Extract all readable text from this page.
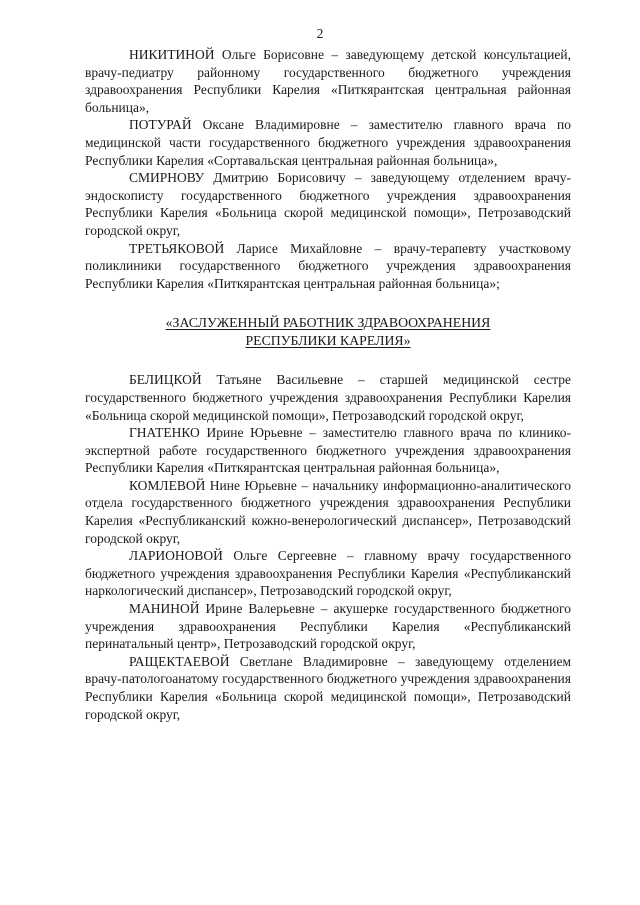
2

НИКИТИНОЙ Ольге Борисовне – заведующему детской консультацией, врачу-педиатру районному государственного бюджетного учреждения здравоохранения Республики Карелия «Питкярантская центральная районная больница»,

ПОТУРАЙ Оксане Владимировне – заместителю главного врача по медицинской части государственного бюджетного учреждения здравоохранения Республики Карелия «Сортавальская центральная районная больница»,

СМИРНОВУ Дмитрию Борисовичу – заведующему отделением врачу-эндоскописту государственного бюджетного учреждения здравоохранения Республики Карелия «Больница скорой медицинской помощи», Петрозаводский городской округ,

ТРЕТЬЯКОВОЙ Ларисе Михайловне – врачу-терапевту участковому поликлиники государственного бюджетного учреждения здравоохранения Республики Карелия «Питкярантская центральная районная больница»;

«ЗАСЛУЖЕННЫЙ РАБОТНИК ЗДРАВООХРАНЕНИЯ
РЕСПУБЛИКИ КАРЕЛИЯ»

БЕЛИЦКОЙ Татьяне Васильевне – старшей медицинской сестре государственного бюджетного учреждения здравоохранения Республики Карелия «Больница скорой медицинской помощи», Петрозаводский городской округ,

ГНАТЕНКО Ирине Юрьевне – заместителю главного врача по клинико-экспертной работе государственного бюджетного учреждения здравоохранения Республики Карелия «Питкярантская центральная районная больница»,

КОМЛЕВОЙ Нине Юрьевне – начальнику информационно-аналитического отдела государственного бюджетного учреждения здравоохранения Республики Карелия «Республиканский кожно-венерологический диспансер», Петрозаводский городской округ,

ЛАРИОНОВОЙ Ольге Сергеевне – главному врачу государственного бюджетного учреждения здравоохранения Республики Карелия «Республиканский наркологический диспансер», Петрозаводский городской округ,

МАНИНОЙ Ирине Валерьевне – акушерке государственного бюджетного учреждения здравоохранения Республики Карелия «Республиканский перинатальный центр», Петрозаводский городской округ,

РАЩЕКТАЕВОЙ Светлане Владимировне – заведующему отделением врачу-патологоанатому государственного бюджетного учреждения здравоохранения Республики Карелия «Больница скорой медицинской помощи», Петрозаводский городской округ,
